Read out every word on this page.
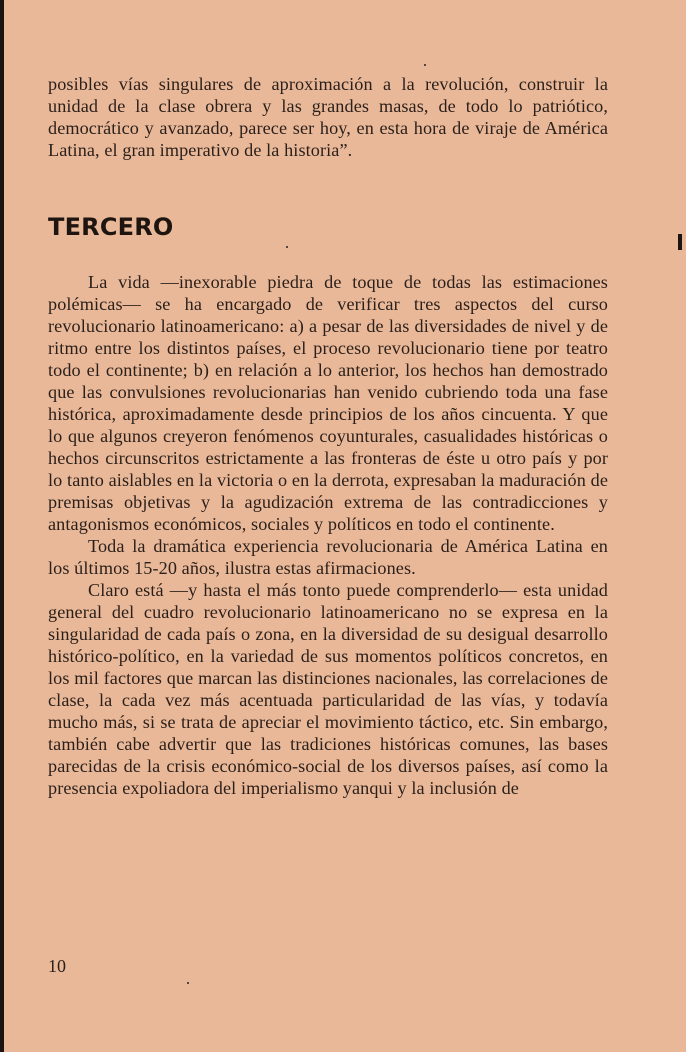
posibles vías singulares de aproximación a la revolución, construir la unidad de la clase obrera y las grandes masas, de todo lo patriótico, democrático y avanzado, parece ser hoy, en esta hora de viraje de América Latina, el gran imperativo de la historia”.

TERCERO

La vida —inexorable piedra de toque de todas las estimaciones polémicas— se ha encargado de verificar tres aspectos del curso revolucionario latinoamericano: a) a pesar de las diversidades de nivel y de ritmo entre los distintos países, el proceso revolucionario tiene por teatro todo el continente; b) en relación a lo anterior, los hechos han demostrado que las convulsiones revolucionarias han venido cubriendo toda una fase histórica, aproximadamente desde principios de los años cincuenta. Y que lo que algunos creyeron fenómenos coyunturales, casualidades históricas o hechos circunscritos estrictamente a las fronteras de éste u otro país y por lo tanto aislables en la victoria o en la derrota, expresaban la maduración de premisas objetivas y la agudización extrema de las contradicciones y antagonismos económicos, sociales y políticos en todo el continente.

Toda la dramática experiencia revolucionaria de América Latina en los últimos 15-20 años, ilustra estas afirmaciones.

Claro está —y hasta el más tonto puede comprenderlo— esta unidad general del cuadro revolucionario latinoamericano no se expresa en la singularidad de cada país o zona, en la diversidad de su desigual desarrollo histórico-político, en la variedad de sus momentos políticos concretos, en los mil factores que marcan las distinciones nacionales, las correlaciones de clase, la cada vez más acentuada particularidad de las vías, y todavía mucho más, si se trata de apreciar el movimiento táctico, etc. Sin embargo, también cabe advertir que las tradiciones históricas comunes, las bases parecidas de la crisis económico-social de los diversos países, así como la presencia expoliadora del imperialismo yanqui y la inclusión de

10
